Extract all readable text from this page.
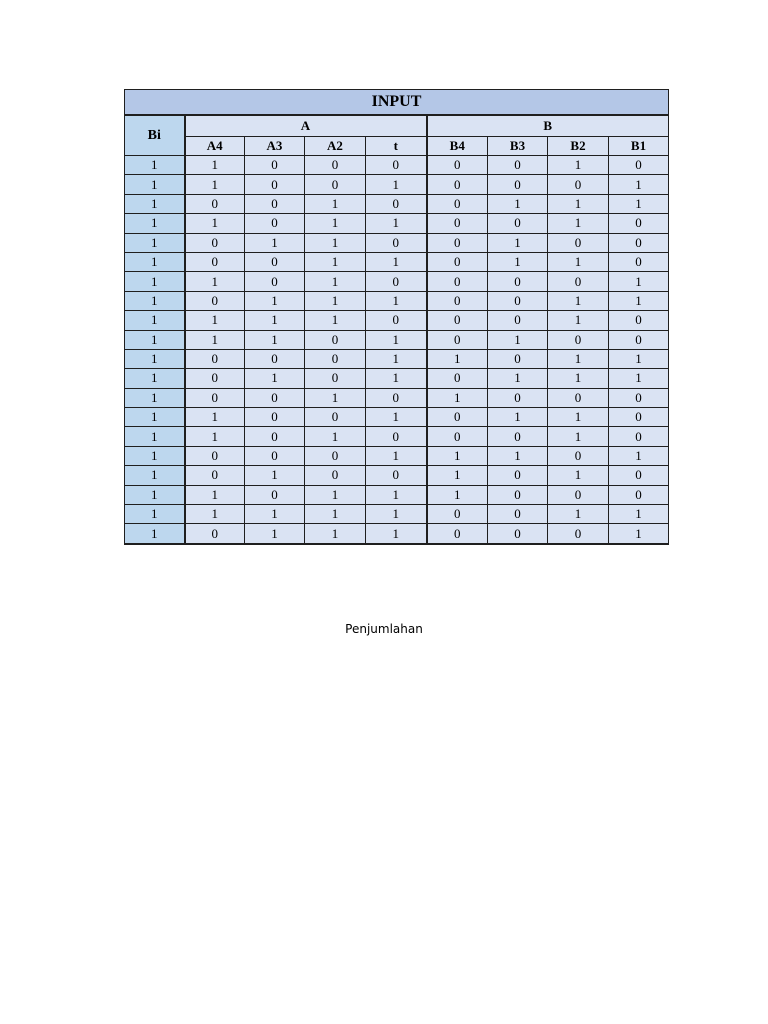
INPUT								
Bi	A				B			
	A4	A3	A2	t	B4	B3	B2	B1
1	1	0	0	0	0	0	1	0
1	1	0	0	1	0	0	0	1
1	0	0	1	0	0	1	1	1
1	1	0	1	1	0	0	1	0
1	0	1	1	0	0	1	0	0
1	0	0	1	1	0	1	1	0
1	1	0	1	0	0	0	0	1
1	0	1	1	1	0	0	1	1
1	1	1	1	0	0	0	1	0
1	1	1	0	1	0	1	0	0
1	0	0	0	1	1	0	1	1
1	0	1	0	1	0	1	1	1
1	0	0	1	0	1	0	0	0
1	1	0	0	1	0	1	1	0
1	1	0	1	0	0	0	1	0
1	0	0	0	1	1	1	0	1
1	0	1	0	0	1	0	1	0
1	1	0	1	1	1	0	0	0
1	1	1	1	1	0	0	1	1
1	0	1	1	1	0	0	0	1
Penjumlahan
